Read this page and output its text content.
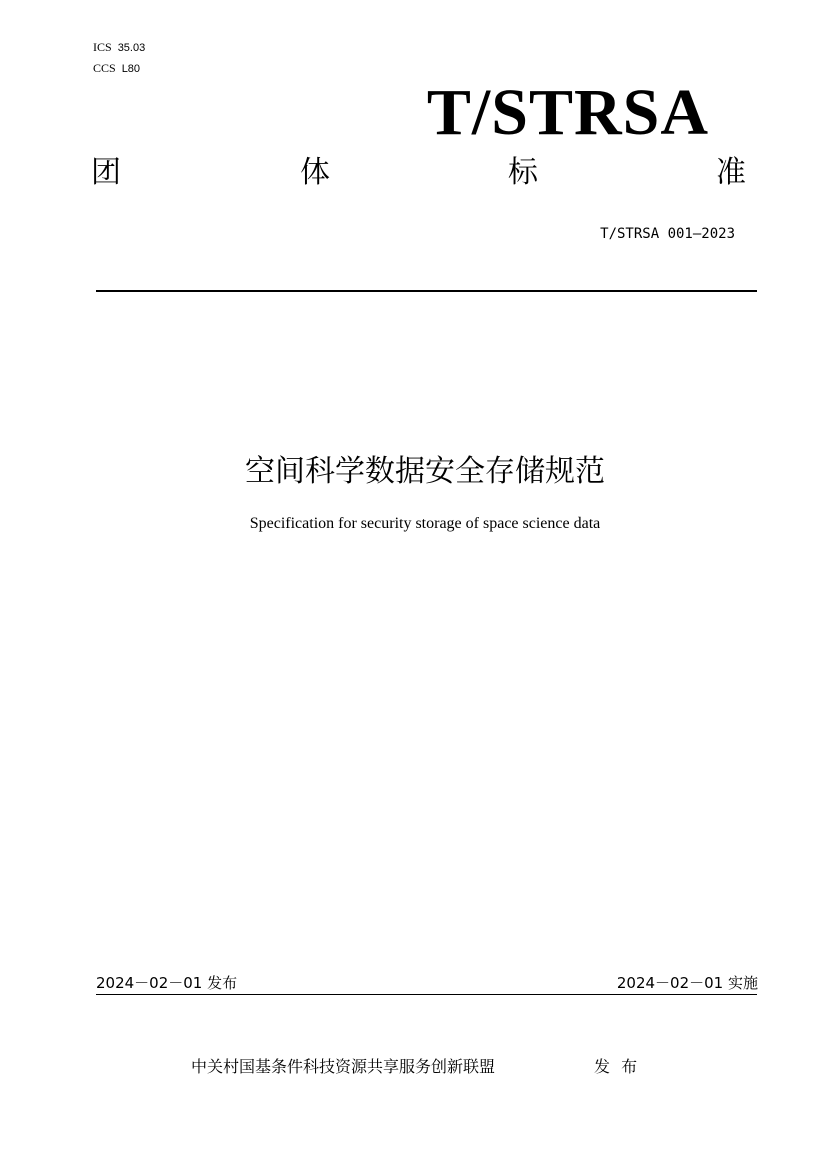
ICS 35.03
CCS L80
T/STRSA
团	体	标	准
T/STRSA 001—2023
空间科学数据安全存储规范
Specification for security storage of space science data
2024－02－01 发布	2024－02－01 实施
中关村国基条件科技资源共享服务创新联盟	发 布
